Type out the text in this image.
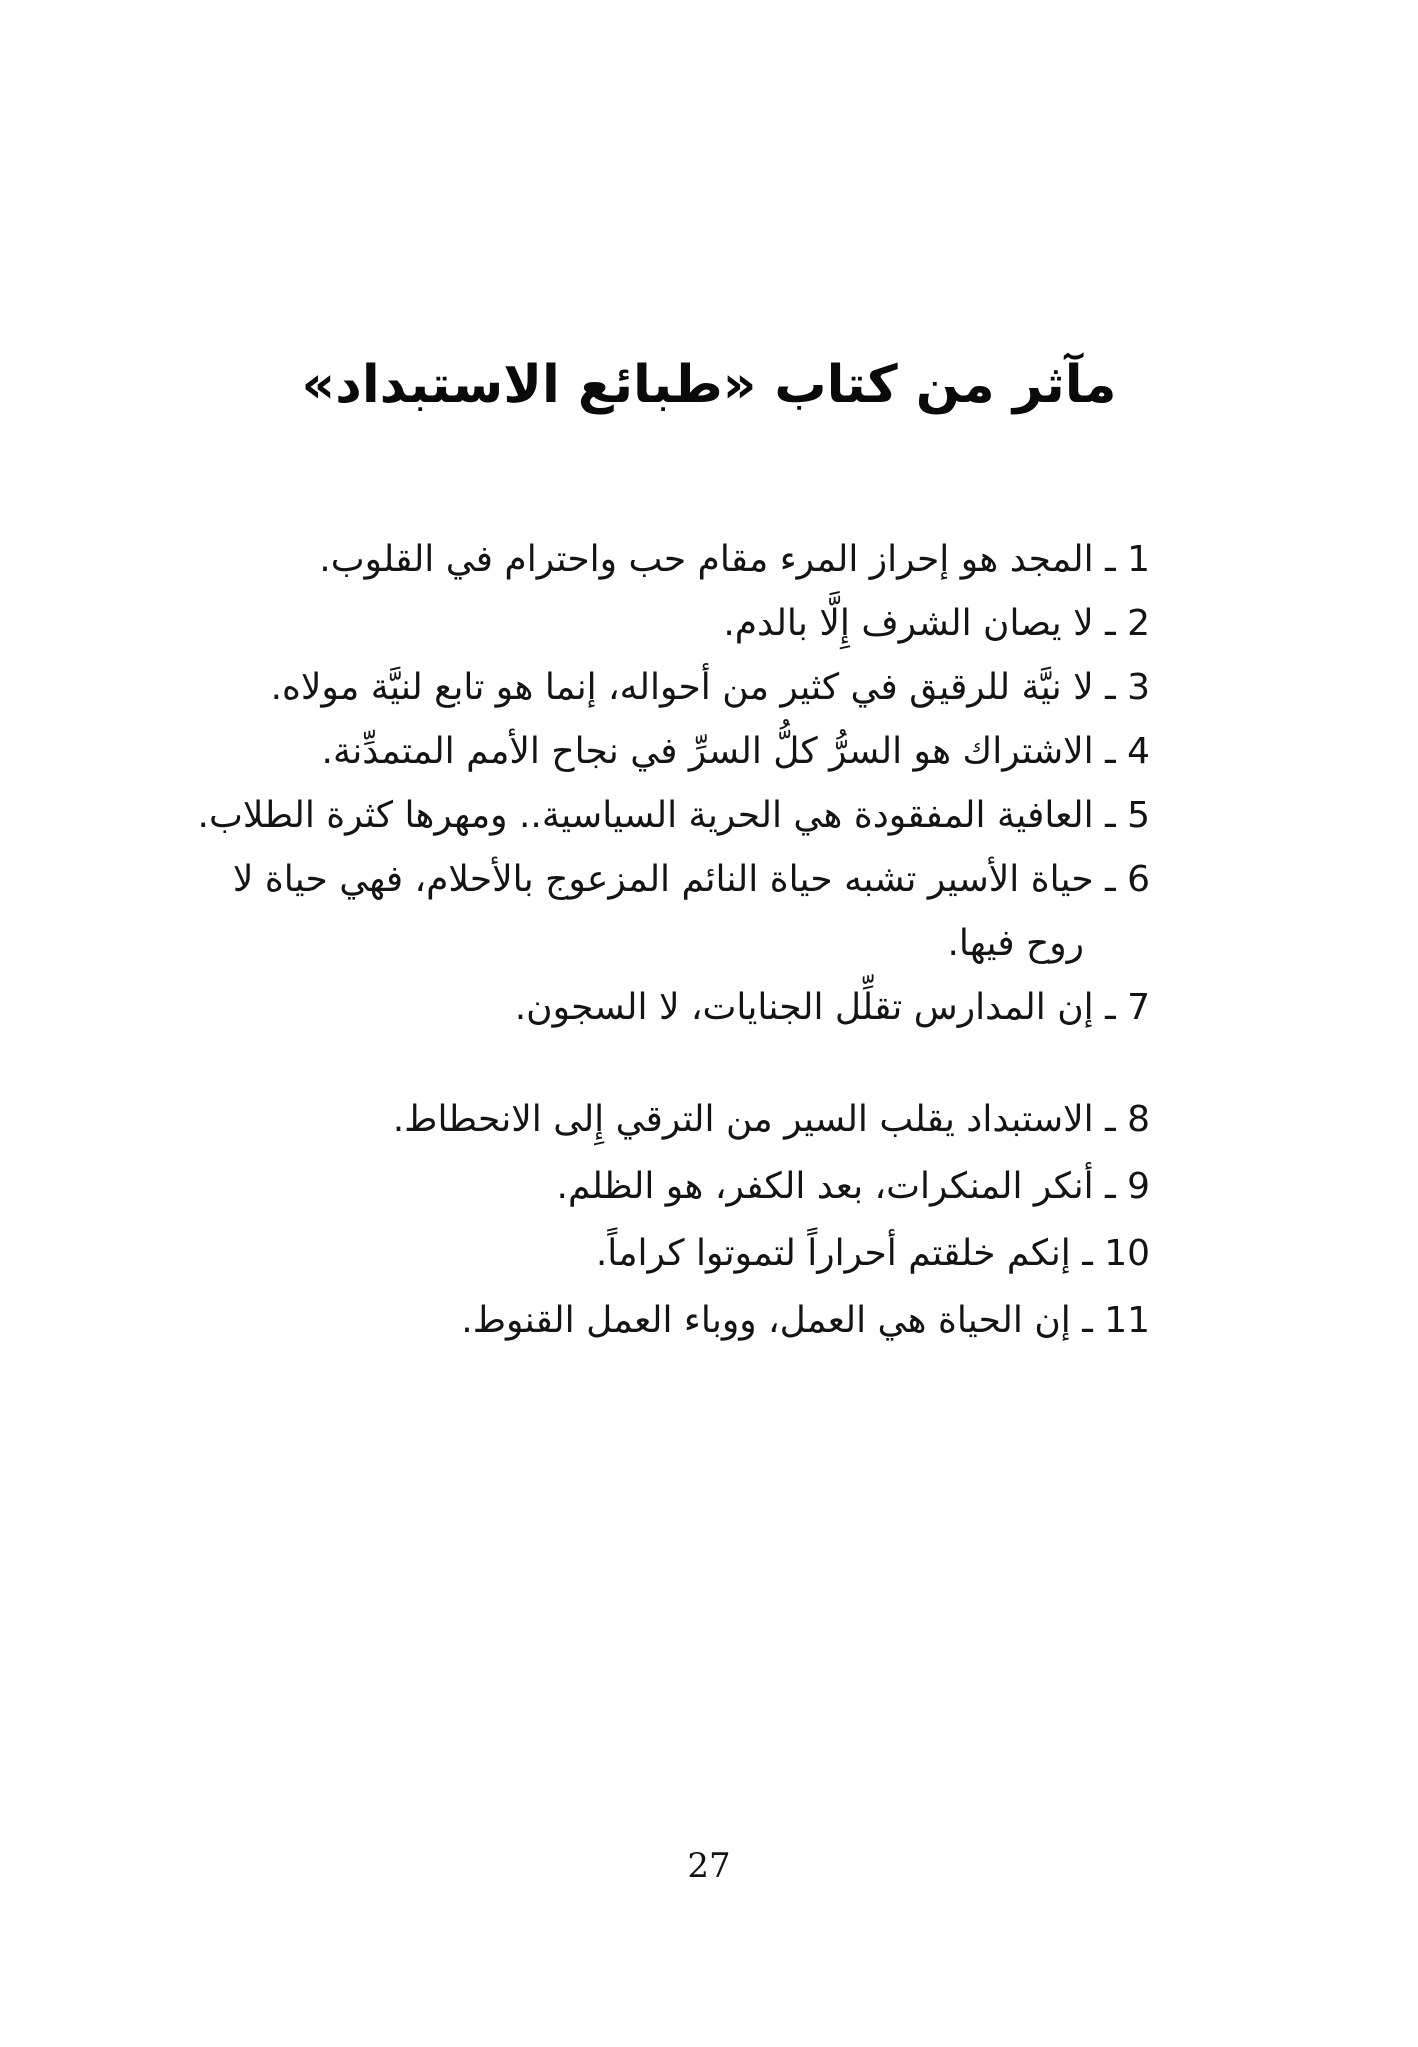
مآثر من كتاب «طبائع الاستبداد»
1 ـ المجد هو إحراز المرء مقام حب واحترام في القلوب.
2 ـ لا يصان الشرف إِلَّا بالدم.
3 ـ لا نيَّة للرقيق في كثير من أحواله، إنما هو تابع لنيَّة مولاه.
4 ـ الاشتراك هو السرُّ كلُّ السرِّ في نجاح الأمم المتمدِّنة.
5 ـ العافية المفقودة هي الحرية السياسية.. ومهرها كثرة الطلاب.
6 ـ حياة الأسير تشبه حياة النائم المزعوج بالأحلام، فهي حياة لا
روح فيها.
7 ـ إن المدارس تقلِّل الجنايات، لا السجون.
8 ـ الاستبداد يقلب السير من الترقي إِلى الانحطاط.
9 ـ أنكر المنكرات، بعد الكفر، هو الظلم.
10 ـ إنكم خلقتم أحراراً لتموتوا كراماً.
11 ـ إن الحياة هي العمل، ووباء العمل القنوط.
27
